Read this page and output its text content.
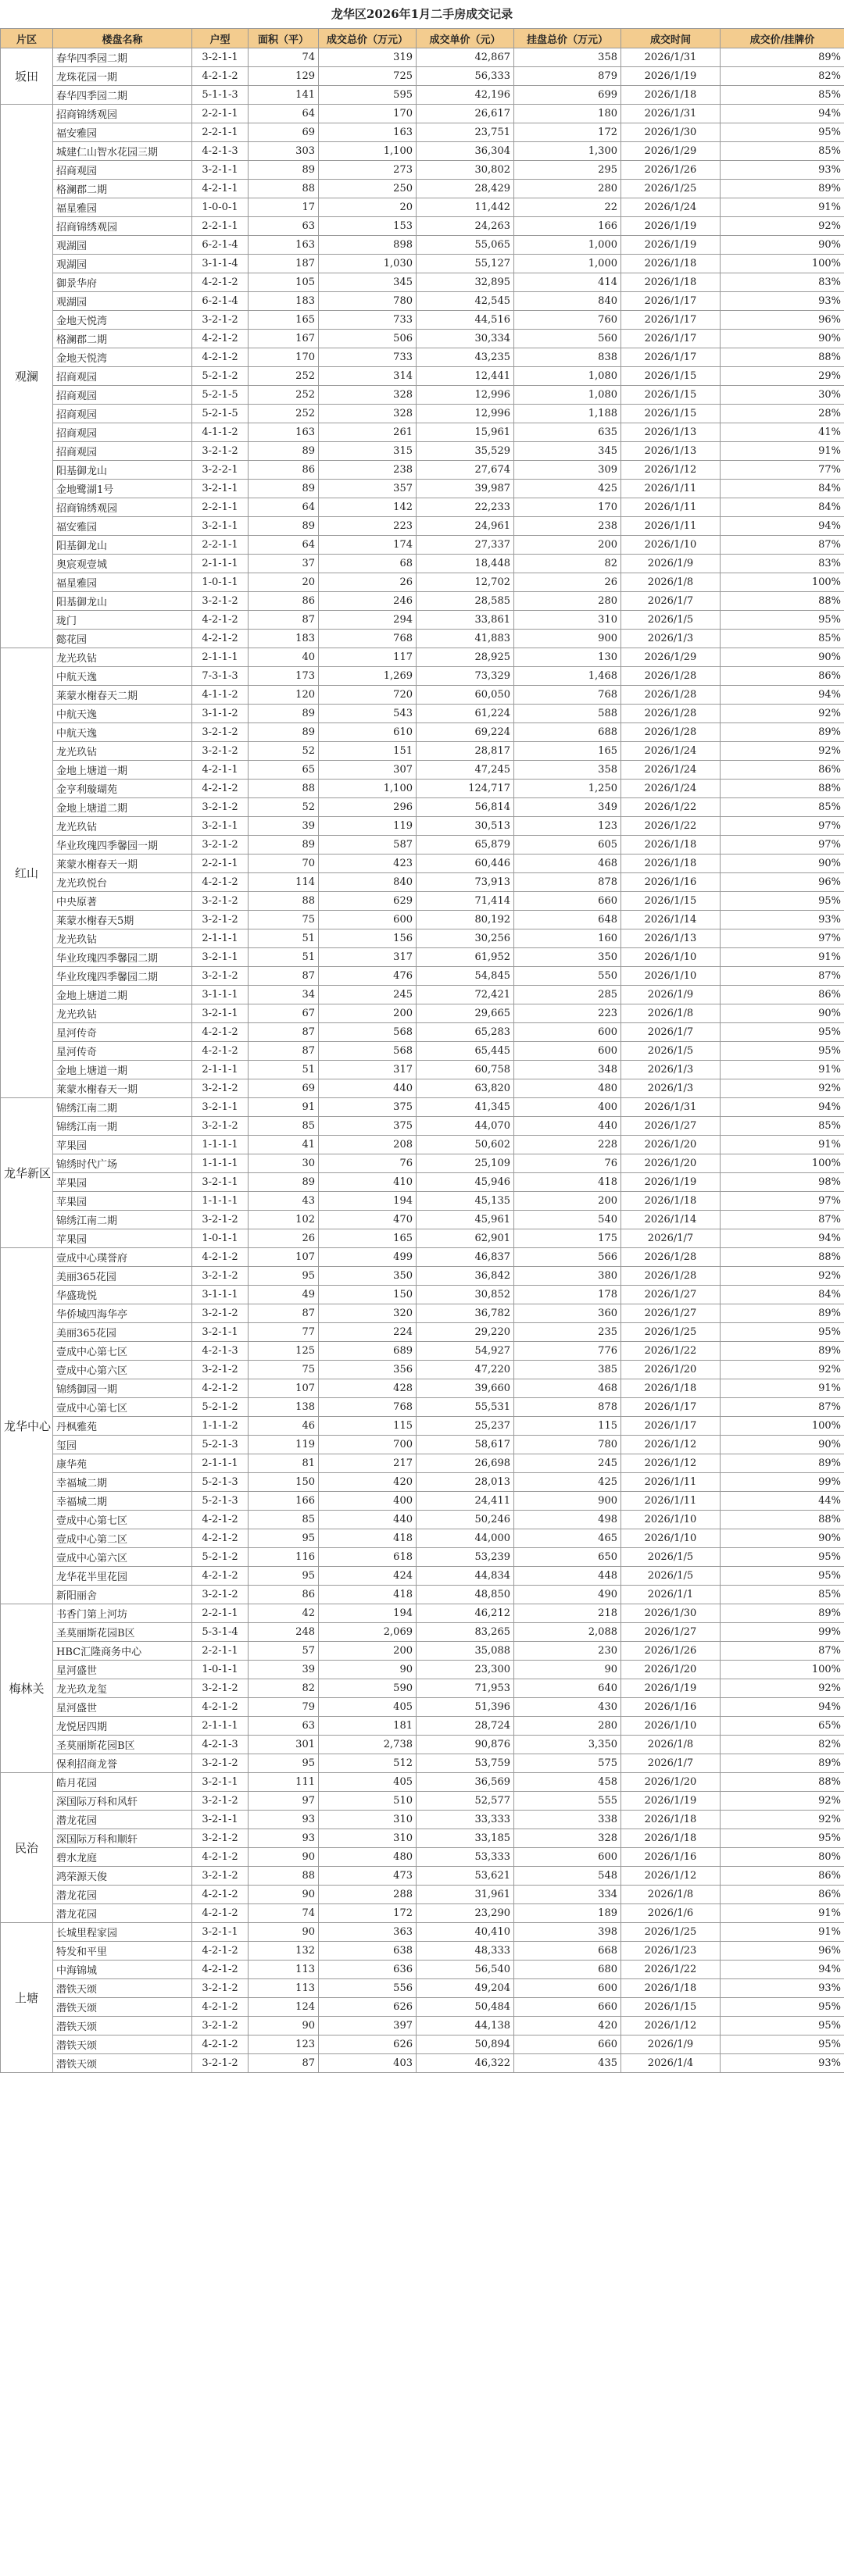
龙华区2026年1月二手房成交记录
片区	楼盘名称	户型	面积（平）	成交总价（万元）	成交单价（元）	挂盘总价（万元）	成交时间	成交价/挂牌价
坂田	春华四季园二期	3-2-1-1	74	319	42,867	358	2026/1/31	89%
	龙珠花园一期	4-2-1-2	129	725	56,333	879	2026/1/19	82%
	春华四季园二期	5-1-1-3	141	595	42,196	699	2026/1/18	85%
观澜	招商锦绣观园	2-2-1-1	64	170	26,617	180	2026/1/31	94%
	福安雅园	2-2-1-1	69	163	23,751	172	2026/1/30	95%
	城建仁山智水花园三期	4-2-1-3	303	1,100	36,304	1,300	2026/1/29	85%
	招商观园	3-2-1-1	89	273	30,802	295	2026/1/26	93%
	格澜郡二期	4-2-1-1	88	250	28,429	280	2026/1/25	89%
	福星雅园	1-0-0-1	17	20	11,442	22	2026/1/24	91%
	招商锦绣观园	2-2-1-1	63	153	24,263	166	2026/1/19	92%
	观湖园	6-2-1-4	163	898	55,065	1,000	2026/1/19	90%
	观湖园	3-1-1-4	187	1,030	55,127	1,000	2026/1/18	100%
	御景华府	4-2-1-2	105	345	32,895	414	2026/1/18	83%
	观湖园	6-2-1-4	183	780	42,545	840	2026/1/17	93%
	金地天悦湾	3-2-1-2	165	733	44,516	760	2026/1/17	96%
	格澜郡二期	4-2-1-2	167	506	30,334	560	2026/1/17	90%
	金地天悦湾	4-2-1-2	170	733	43,235	838	2026/1/17	88%
	招商观园	5-2-1-2	252	314	12,441	1,080	2026/1/15	29%
	招商观园	5-2-1-5	252	328	12,996	1,080	2026/1/15	30%
	招商观园	5-2-1-5	252	328	12,996	1,188	2026/1/15	28%
	招商观园	4-1-1-2	163	261	15,961	635	2026/1/13	41%
	招商观园	3-2-1-2	89	315	35,529	345	2026/1/13	91%
	阳基御龙山	3-2-2-1	86	238	27,674	309	2026/1/12	77%
	金地鹭湖1号	3-2-1-1	89	357	39,987	425	2026/1/11	84%
	招商锦绣观园	2-2-1-1	64	142	22,233	170	2026/1/11	84%
	福安雅园	3-2-1-1	89	223	24,961	238	2026/1/11	94%
	阳基御龙山	2-2-1-1	64	174	27,337	200	2026/1/10	87%
	奥宸观壹城	2-1-1-1	37	68	18,448	82	2026/1/9	83%
	福星雅园	1-0-1-1	20	26	12,702	26	2026/1/8	100%
	阳基御龙山	3-2-1-2	86	246	28,585	280	2026/1/7	88%
	珑门	4-2-1-2	87	294	33,861	310	2026/1/5	95%
	懿花园	4-2-1-2	183	768	41,883	900	2026/1/3	85%
红山	龙光玖钻	2-1-1-1	40	117	28,925	130	2026/1/29	90%
	中航天逸	7-3-1-3	173	1,269	73,329	1,468	2026/1/28	86%
	莱蒙水榭春天二期	4-1-1-2	120	720	60,050	768	2026/1/28	94%
	中航天逸	3-1-1-2	89	543	61,224	588	2026/1/28	92%
	中航天逸	3-2-1-2	89	610	69,224	688	2026/1/28	89%
	龙光玖钻	3-2-1-2	52	151	28,817	165	2026/1/24	92%
	金地上塘道一期	4-2-1-1	65	307	47,245	358	2026/1/24	86%
	金亨利璇瑚苑	4-2-1-2	88	1,100	124,717	1,250	2026/1/24	88%
	金地上塘道二期	3-2-1-2	52	296	56,814	349	2026/1/22	85%
	龙光玖钻	3-2-1-1	39	119	30,513	123	2026/1/22	97%
	华业玫瑰四季馨园一期	3-2-1-2	89	587	65,879	605	2026/1/18	97%
	莱蒙水榭春天一期	2-2-1-1	70	423	60,446	468	2026/1/18	90%
	龙光玖悦台	4-2-1-2	114	840	73,913	878	2026/1/16	96%
	中央原著	3-2-1-2	88	629	71,414	660	2026/1/15	95%
	莱蒙水榭春天5期	3-2-1-2	75	600	80,192	648	2026/1/14	93%
	龙光玖钻	2-1-1-1	51	156	30,256	160	2026/1/13	97%
	华业玫瑰四季馨园二期	3-2-1-1	51	317	61,952	350	2026/1/10	91%
	华业玫瑰四季馨园二期	3-2-1-2	87	476	54,845	550	2026/1/10	87%
	金地上塘道二期	3-1-1-1	34	245	72,421	285	2026/1/9	86%
	龙光玖钻	3-2-1-1	67	200	29,665	223	2026/1/8	90%
	星河传奇	4-2-1-2	87	568	65,283	600	2026/1/7	95%
	星河传奇	4-2-1-2	87	568	65,445	600	2026/1/5	95%
	金地上塘道一期	2-1-1-1	51	317	60,758	348	2026/1/3	91%
	莱蒙水榭春天一期	3-2-1-2	69	440	63,820	480	2026/1/3	92%
龙华新区	锦绣江南二期	3-2-1-1	91	375	41,345	400	2026/1/31	94%
	锦绣江南一期	3-2-1-2	85	375	44,070	440	2026/1/27	85%
	苹果园	1-1-1-1	41	208	50,602	228	2026/1/20	91%
	锦绣时代广场	1-1-1-1	30	76	25,109	76	2026/1/20	100%
	苹果园	3-2-1-1	89	410	45,946	418	2026/1/19	98%
	苹果园	1-1-1-1	43	194	45,135	200	2026/1/18	97%
	锦绣江南二期	3-2-1-2	102	470	45,961	540	2026/1/14	87%
	苹果园	1-0-1-1	26	165	62,901	175	2026/1/7	94%
龙华中心	壹成中心璞誉府	4-2-1-2	107	499	46,837	566	2026/1/28	88%
	美丽365花园	3-2-1-2	95	350	36,842	380	2026/1/28	92%
	华盛珑悦	3-1-1-1	49	150	30,852	178	2026/1/27	84%
	华侨城四海华亭	3-2-1-2	87	320	36,782	360	2026/1/27	89%
	美丽365花园	3-2-1-1	77	224	29,220	235	2026/1/25	95%
	壹成中心第七区	4-2-1-3	125	689	54,927	776	2026/1/22	89%
	壹成中心第六区	3-2-1-2	75	356	47,220	385	2026/1/20	92%
	锦绣御园一期	4-2-1-2	107	428	39,660	468	2026/1/18	91%
	壹成中心第七区	5-2-1-2	138	768	55,531	878	2026/1/17	87%
	丹枫雅苑	1-1-1-2	46	115	25,237	115	2026/1/17	100%
	玺园	5-2-1-3	119	700	58,617	780	2026/1/12	90%
	康华苑	2-1-1-1	81	217	26,698	245	2026/1/12	89%
	幸福城二期	5-2-1-3	150	420	28,013	425	2026/1/11	99%
	幸福城二期	5-2-1-3	166	400	24,411	900	2026/1/11	44%
	壹成中心第七区	4-2-1-2	85	440	50,246	498	2026/1/10	88%
	壹成中心第二区	4-2-1-2	95	418	44,000	465	2026/1/10	90%
	壹成中心第六区	5-2-1-2	116	618	53,239	650	2026/1/5	95%
	龙华花半里花园	4-2-1-2	95	424	44,834	448	2026/1/5	95%
	新阳丽舍	3-2-1-2	86	418	48,850	490	2026/1/1	85%
梅林关	书香门第上河坊	2-2-1-1	42	194	46,212	218	2026/1/30	89%
	圣莫丽斯花园B区	5-3-1-4	248	2,069	83,265	2,088	2026/1/27	99%
	HBC汇隆商务中心	2-2-1-1	57	200	35,088	230	2026/1/26	87%
	星河盛世	1-0-1-1	39	90	23,300	90	2026/1/20	100%
	龙光玖龙玺	3-2-1-2	82	590	71,953	640	2026/1/19	92%
	星河盛世	4-2-1-2	79	405	51,396	430	2026/1/16	94%
	龙悦居四期	2-1-1-1	63	181	28,724	280	2026/1/10	65%
	圣莫丽斯花园B区	4-2-1-3	301	2,738	90,876	3,350	2026/1/8	82%
	保利招商龙誉	3-2-1-2	95	512	53,759	575	2026/1/7	89%
民治	皓月花园	3-2-1-1	111	405	36,569	458	2026/1/20	88%
	深国际万科和风轩	3-2-1-2	97	510	52,577	555	2026/1/19	92%
	潜龙花园	3-2-1-1	93	310	33,333	338	2026/1/18	92%
	深国际万科和顺轩	3-2-1-2	93	310	33,185	328	2026/1/18	95%
	碧水龙庭	4-2-1-2	90	480	53,333	600	2026/1/16	80%
	鸿荣源天俊	3-2-1-2	88	473	53,621	548	2026/1/12	86%
	潜龙花园	4-2-1-2	90	288	31,961	334	2026/1/8	86%
	潜龙花园	4-2-1-2	74	172	23,290	189	2026/1/6	91%
上塘	长城里程家园	3-2-1-1	90	363	40,410	398	2026/1/25	91%
	特发和平里	4-2-1-2	132	638	48,333	668	2026/1/23	96%
	中海锦城	4-2-1-2	113	636	56,540	680	2026/1/22	94%
	潜铁天颂	3-2-1-2	113	556	49,204	600	2026/1/18	93%
	潜铁天颂	4-2-1-2	124	626	50,484	660	2026/1/15	95%
	潜铁天颂	3-2-1-2	90	397	44,138	420	2026/1/12	95%
	潜铁天颂	4-2-1-2	123	626	50,894	660	2026/1/9	95%
	潜铁天颂	3-2-1-2	87	403	46,322	435	2026/1/4	93%
